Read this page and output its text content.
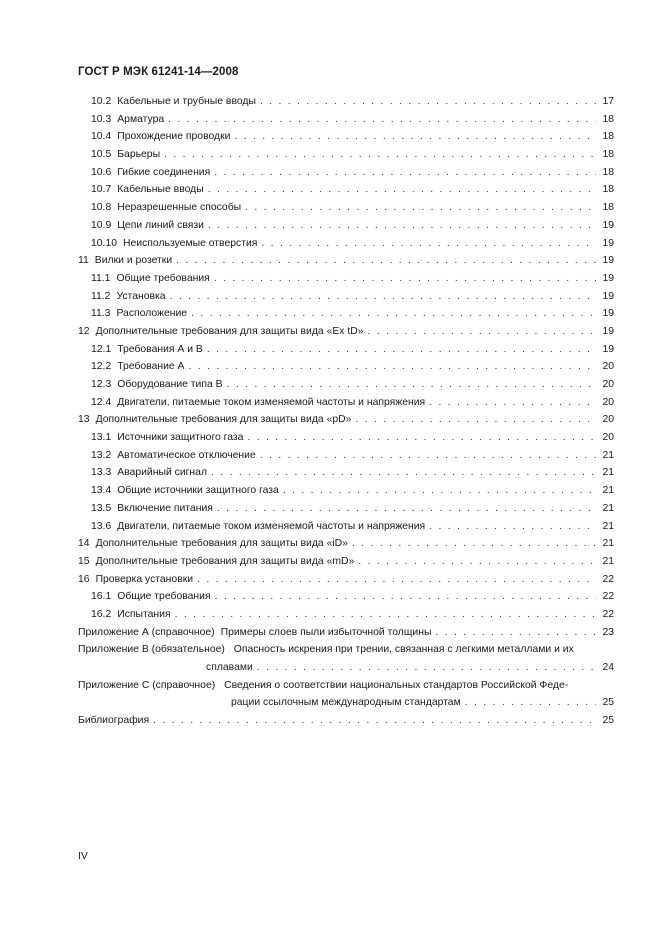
ГОСТ Р МЭК 61241-14—2008
10.2 Кабельные и трубные вводы . . .	17
10.3 Арматура . . .	18
10.4 Прохождение проводки . . .	18
10.5 Барьеры . . .	18
10.6 Гибкие соединения . . .	18
10.7 Кабельные вводы . . .	18
10.8 Неразрешенные способы . . .	18
10.9 Цепи линий связи . . .	19
10.10 Неиспользуемые отверстия . . .	19
11 Вилки и розетки . . .	19
11.1 Общие требования . . .	19
11.2 Установка . . .	19
11.3 Расположение . . .	19
12 Дополнительные требования для защиты вида «Ex tD» . . .	19
12.1 Требования А и В . . .	19
12.2 Требование А . . .	20
12.3 Оборудование типа В . . .	20
12.4 Двигатели, питаемые током изменяемой частоты и напряжения . . .	20
13 Дополнительные требования для защиты вида «pD» . . .	20
13.1 Источники защитного газа . . .	20
13.2 Автоматическое отключение . . .	21
13.3 Аварийный сигнал . . .	21
13.4 Общие источники защитного газа . . .	21
13.5 Включение питания . . .	21
13.6 Двигатели, питаемые током изменяемой частоты и напряжения . . .	21
14 Дополнительные требования для защиты вида «iD» . . .	21
15 Дополнительные требования для защиты вида «mD» . . .	21
16 Проверка установки . . .	22
16.1 Общие требования . . .	22
16.2 Испытания . . .	22
Приложение А (справочное) Примеры слоев пыли избыточной толщины . . .	23
Приложение В (обязательное) Опасность искрения при трении, связанная с легкими металлами и их
сплавами . . .	24
Приложение С (справочное) Сведения о соответствии национальных стандартов Российской Феде-
рации ссылочным международным стандартам . . .	25
Библиография . . .	25
IV
